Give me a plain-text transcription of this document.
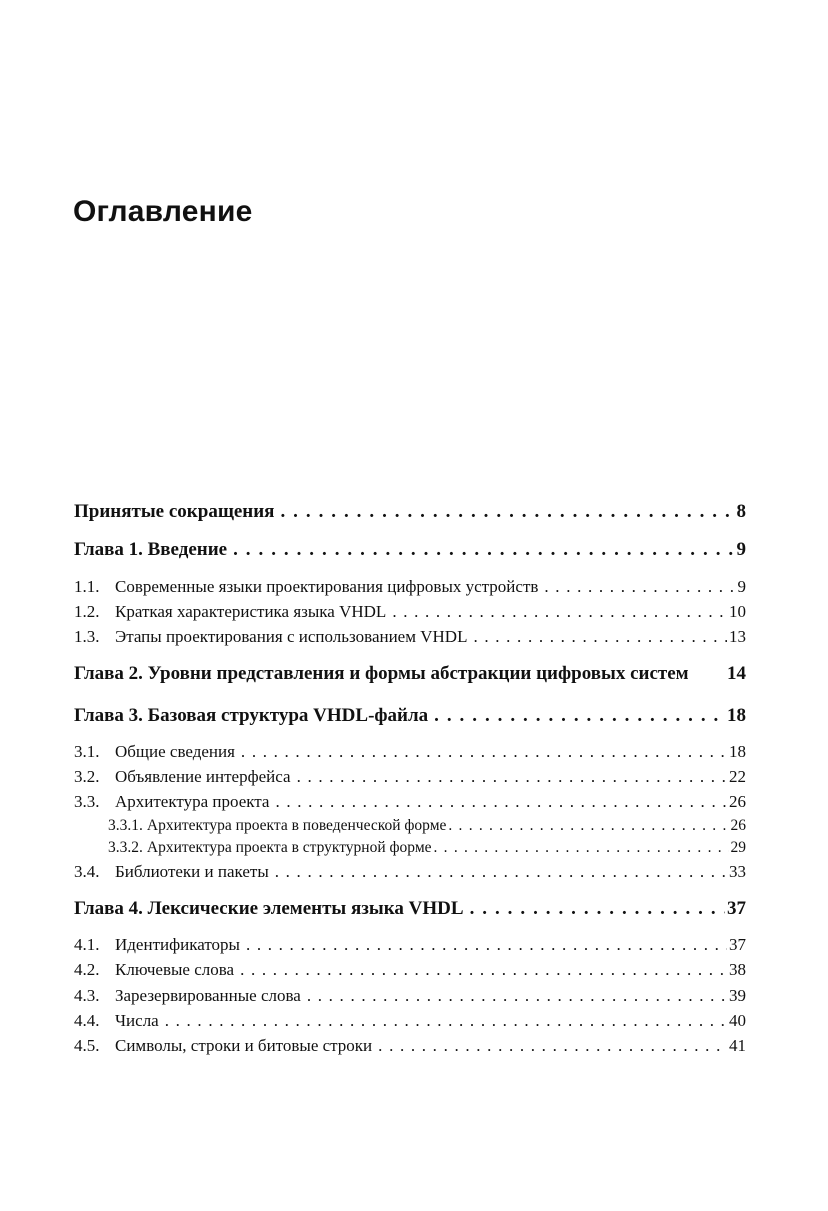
Оглавление
Принятые сокращения . . .	8
Глава 1. Введение . . .	9
1.1. Современные языки проектирования цифровых устройств . . .	9
1.2. Краткая характеристика языка VHDL . . .	10
1.3. Этапы проектирования с использованием VHDL . . .	13
Глава 2. Уровни представления и формы абстракции цифровых систем 14
Глава 3. Базовая структура VHDL-файла . . .	18
3.1. Общие сведения . . .	18
3.2. Объявление интерфейса . . .	22
3.3. Архитектура проекта . . .	26
3.3.1. Архитектура проекта в поведенческой форме . . .	26
3.3.2. Архитектура проекта в структурной форме . . .	29
3.4. Библиотеки и пакеты . . .	33
Глава 4. Лексические элементы языка VHDL . . .	37
4.1. Идентификаторы . . .	37
4.2. Ключевые слова . . .	38
4.3. Зарезервированные слова . . .	39
4.4. Числа . . .	40
4.5. Символы, строки и битовые строки . . .	41
